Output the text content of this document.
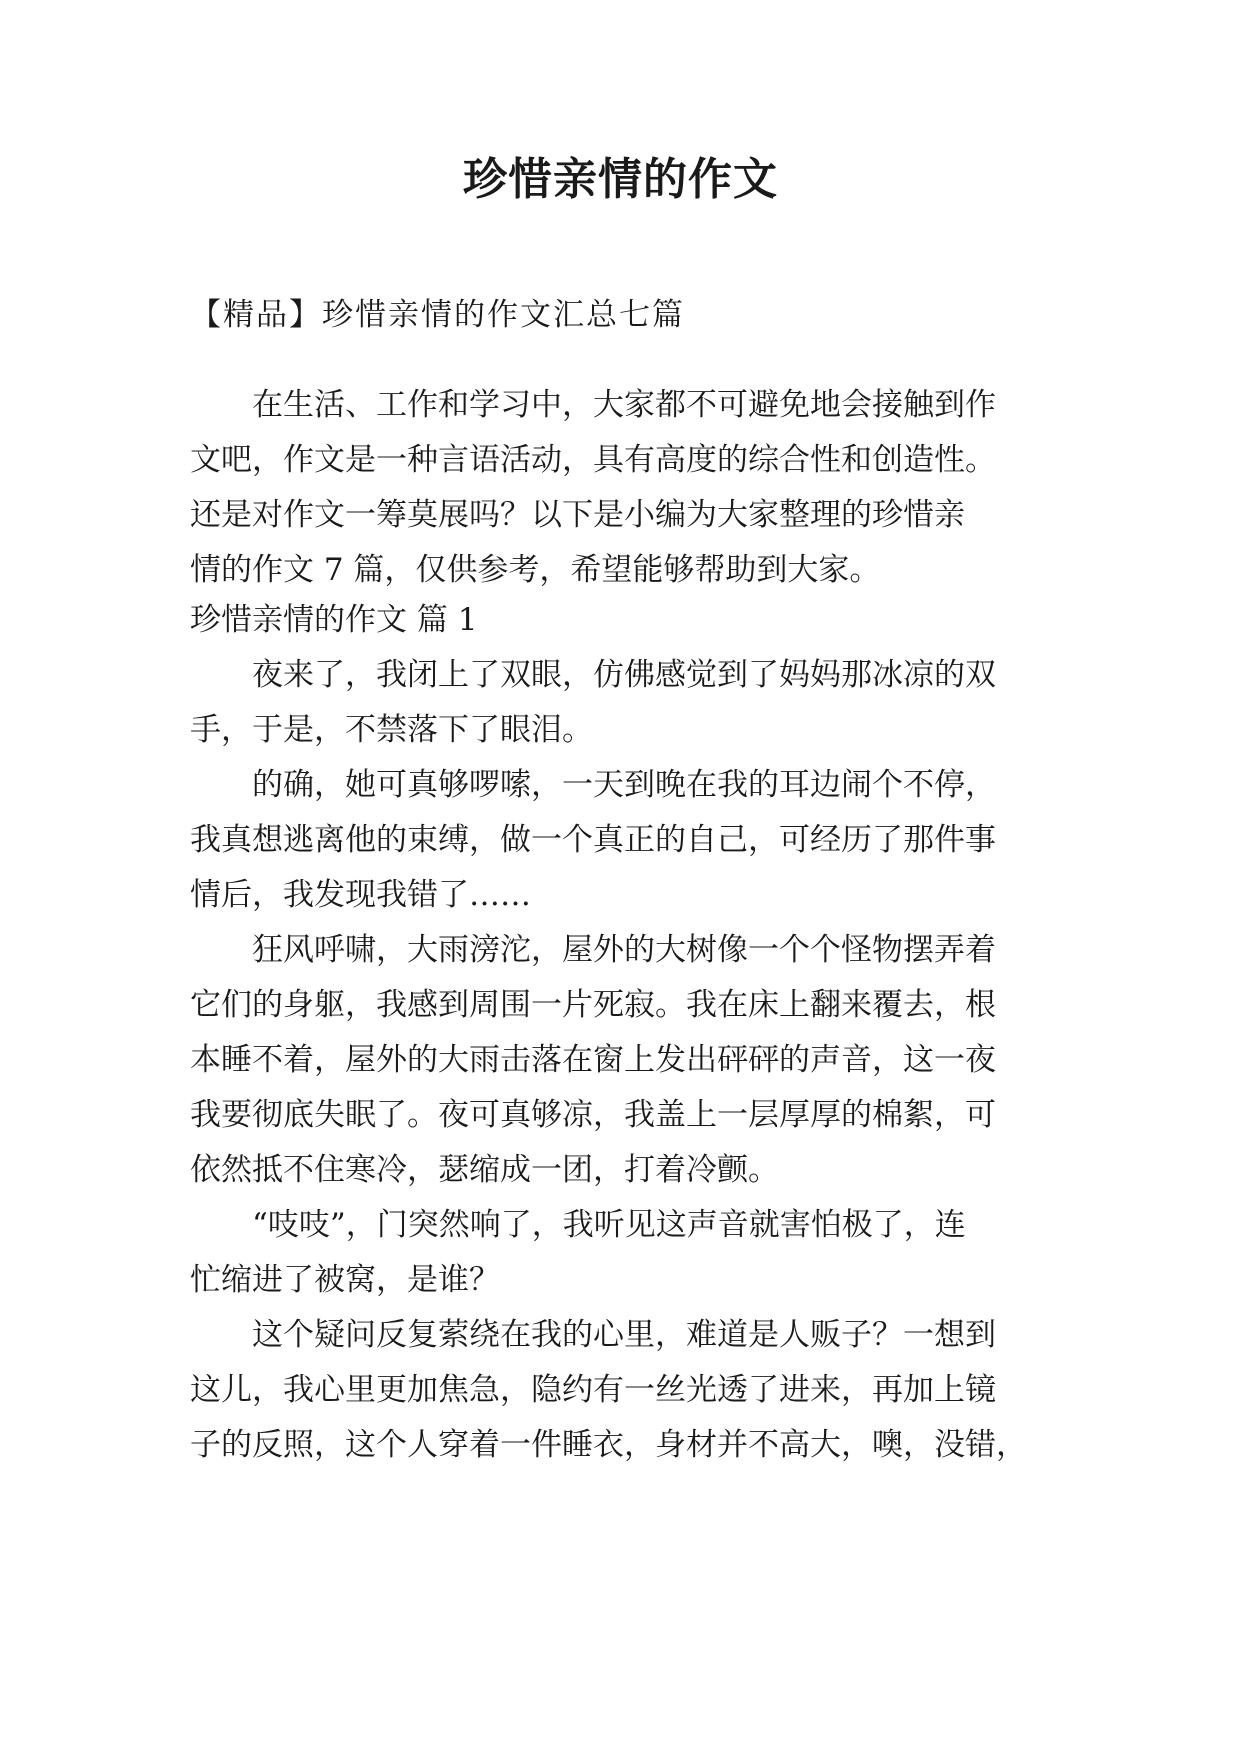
珍惜亲情的作文
【精品】珍惜亲情的作文汇总七篇
　　在生活、工作和学习中，大家都不可避免地会接触到作
文吧，作文是一种言语活动，具有高度的综合性和创造性。
还是对作文一筹莫展吗？以下是小编为大家整理的珍惜亲
情的作文 7 篇，仅供参考，希望能够帮助到大家。
珍惜亲情的作文 篇 1
　　夜来了，我闭上了双眼，仿佛感觉到了妈妈那冰凉的双
手，于是，不禁落下了眼泪。
　　的确，她可真够啰嗦，一天到晚在我的耳边闹个不停，
我真想逃离他的束缚，做一个真正的自己，可经历了那件事
情后，我发现我错了……
　　狂风呼啸，大雨滂沱，屋外的大树像一个个怪物摆弄着
它们的身躯，我感到周围一片死寂。我在床上翻来覆去，根
本睡不着，屋外的大雨击落在窗上发出砰砰的声音，这一夜
我要彻底失眠了。夜可真够凉，我盖上一层厚厚的棉絮，可
依然抵不住寒冷，瑟缩成一团，打着冷颤。
　　“吱吱”，门突然响了，我听见这声音就害怕极了，连
忙缩进了被窝，是谁？
　　这个疑问反复萦绕在我的心里，难道是人贩子？一想到
这儿，我心里更加焦急，隐约有一丝光透了进来，再加上镜
子的反照，这个人穿着一件睡衣，身材并不高大，噢，没错，
